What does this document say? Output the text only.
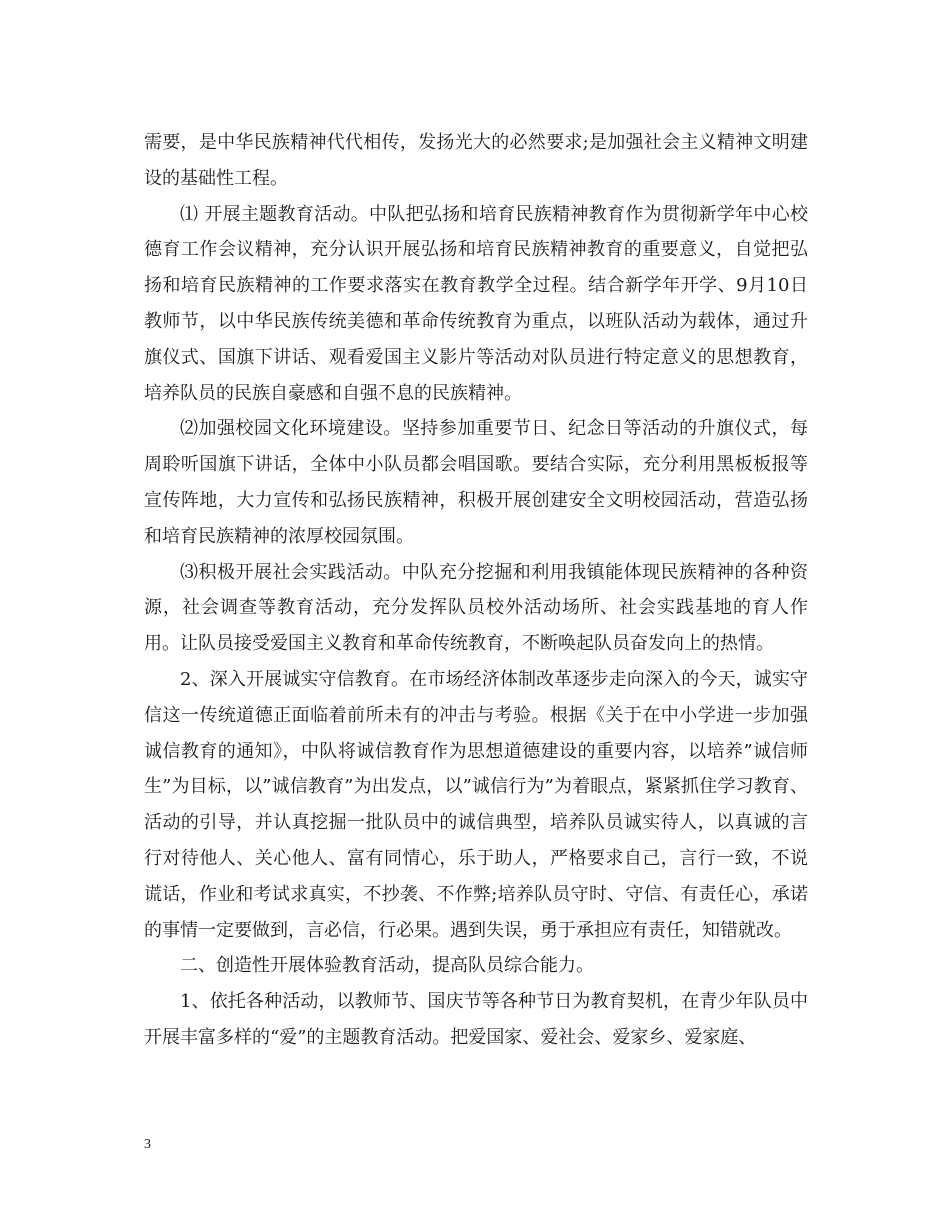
需要，是中华民族精神代代相传，发扬光大的必然要求;是加强社会主义精神文明建设的基础性工程。

⑴ 开展主题教育活动。中队把弘扬和培育民族精神教育作为贯彻新学年中心校德育工作会议精神，充分认识开展弘扬和培育民族精神教育的重要意义，自觉把弘扬和培育民族精神的工作要求落实在教育教学全过程。结合新学年开学、9月10日教师节，以中华民族传统美德和革命传统教育为重点，以班队活动为载体，通过升旗仪式、国旗下讲话、观看爱国主义影片等活动对队员进行特定意义的思想教育，培养队员的民族自豪感和自强不息的民族精神。

⑵加强校园文化环境建设。坚持参加重要节日、纪念日等活动的升旗仪式，每周聆听国旗下讲话，全体中小队员都会唱国歌。要结合实际，充分利用黑板板报等宣传阵地，大力宣传和弘扬民族精神，积极开展创建安全文明校园活动，营造弘扬和培育民族精神的浓厚校园氛围。

⑶积极开展社会实践活动。中队充分挖掘和利用我镇能体现民族精神的各种资源，社会调查等教育活动，充分发挥队员校外活动场所、社会实践基地的育人作用。让队员接受爱国主义教育和革命传统教育，不断唤起队员奋发向上的热情。

2、深入开展诚实守信教育。在市场经济体制改革逐步走向深入的今天，诚实守信这一传统道德正面临着前所未有的冲击与考验。根据《关于在中小学进一步加强诚信教育的通知》，中队将诚信教育作为思想道德建设的重要内容，以培养”诚信师生”为目标，以”诚信教育”为出发点，以”诚信行为”为着眼点，紧紧抓住学习教育、活动的引导，并认真挖掘一批队员中的诚信典型，培养队员诚实待人，以真诚的言行对待他人、关心他人、富有同情心，乐于助人，严格要求自己，言行一致，不说谎话，作业和考试求真实，不抄袭、不作弊;培养队员守时、守信、有责任心，承诺的事情一定要做到，言必信，行必果。遇到失误，勇于承担应有责任，知错就改。

二、创造性开展体验教育活动，提高队员综合能力。

1、依托各种活动，以教师节、国庆节等各种节日为教育契机，在青少年队员中开展丰富多样的“爱”的主题教育活动。把爱国家、爱社会、爱家乡、爱家庭、

3
